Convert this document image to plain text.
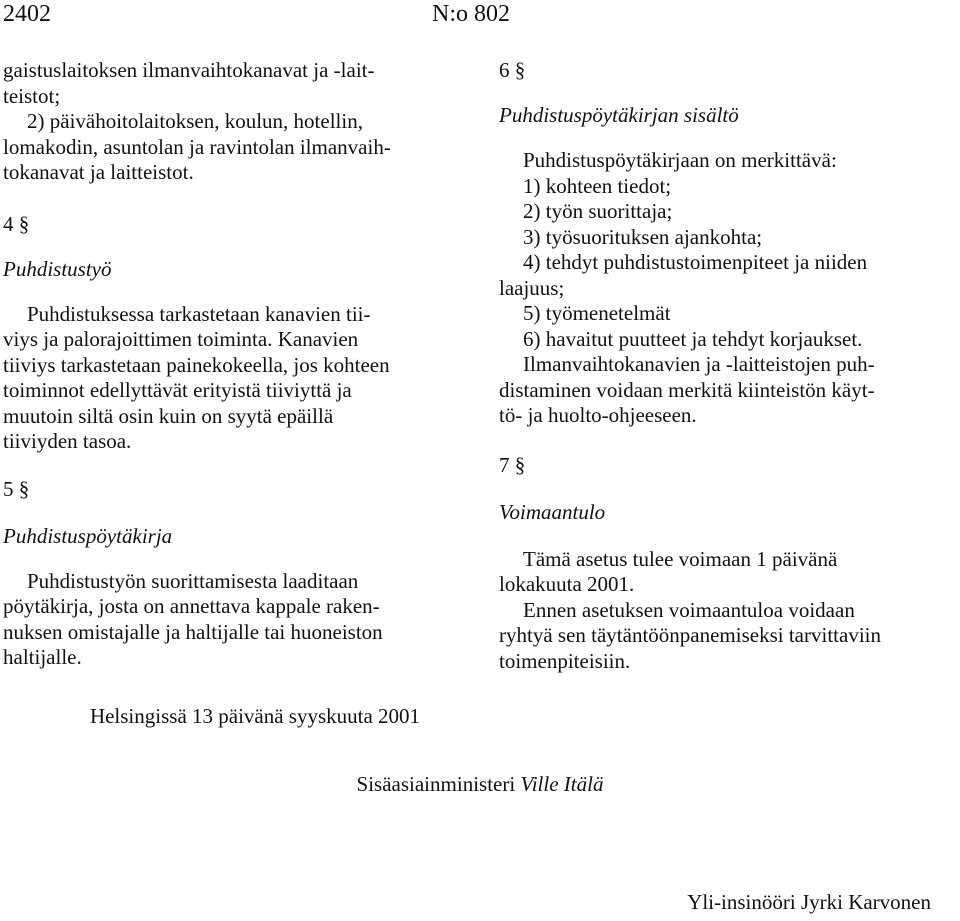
2402	N:o 802

gaistuslaitoksen ilmanvaihtokanavat ja -lait-

teistot;

2) päivähoitolaitoksen, koulun, hotellin,

lomakodin, asuntolan ja ravintolan ilmanvaih-

tokanavat ja laitteistot.

4 §

Puhdistustyö

Puhdistuksessa tarkastetaan kanavien tii-

viys ja palorajoittimen toiminta. Kanavien

tiiviys tarkastetaan painekokeella, jos kohteen

toiminnot edellyttävät erityistä tiiviyttä ja

muutoin siltä osin kuin on syytä epäillä

tiiviyden tasoa.

5 §

Puhdistuspöytäkirja

Puhdistustyön suorittamisesta laaditaan

pöytäkirja, josta on annettava kappale raken-

nuksen omistajalle ja haltijalle tai huoneiston

haltijalle.

6 §

Puhdistuspöytäkirjan sisältö

Puhdistuspöytäkirjaan on merkittävä:

1) kohteen tiedot;

2) työn suorittaja;

3) työsuorituksen ajankohta;

4) tehdyt puhdistustoimenpiteet ja niiden

laajuus;

5) työmenetelmät

6) havaitut puutteet ja tehdyt korjaukset.

Ilmanvaihtokanavien ja -laitteistojen puh-

distaminen voidaan merkitä kiinteistön käyt-

tö- ja huolto-ohjeeseen.

7 §

Voimaantulo

Tämä asetus tulee voimaan 1 päivänä

lokakuuta 2001.

Ennen asetuksen voimaantuloa voidaan

ryhtyä sen täytäntöönpanemiseksi tarvittaviin

toimenpiteisiin.

Helsingissä 13 päivänä syyskuuta 2001
Sisäasiainministeri Ville Itälä
Yli-insinööri Jyrki Karvonen
